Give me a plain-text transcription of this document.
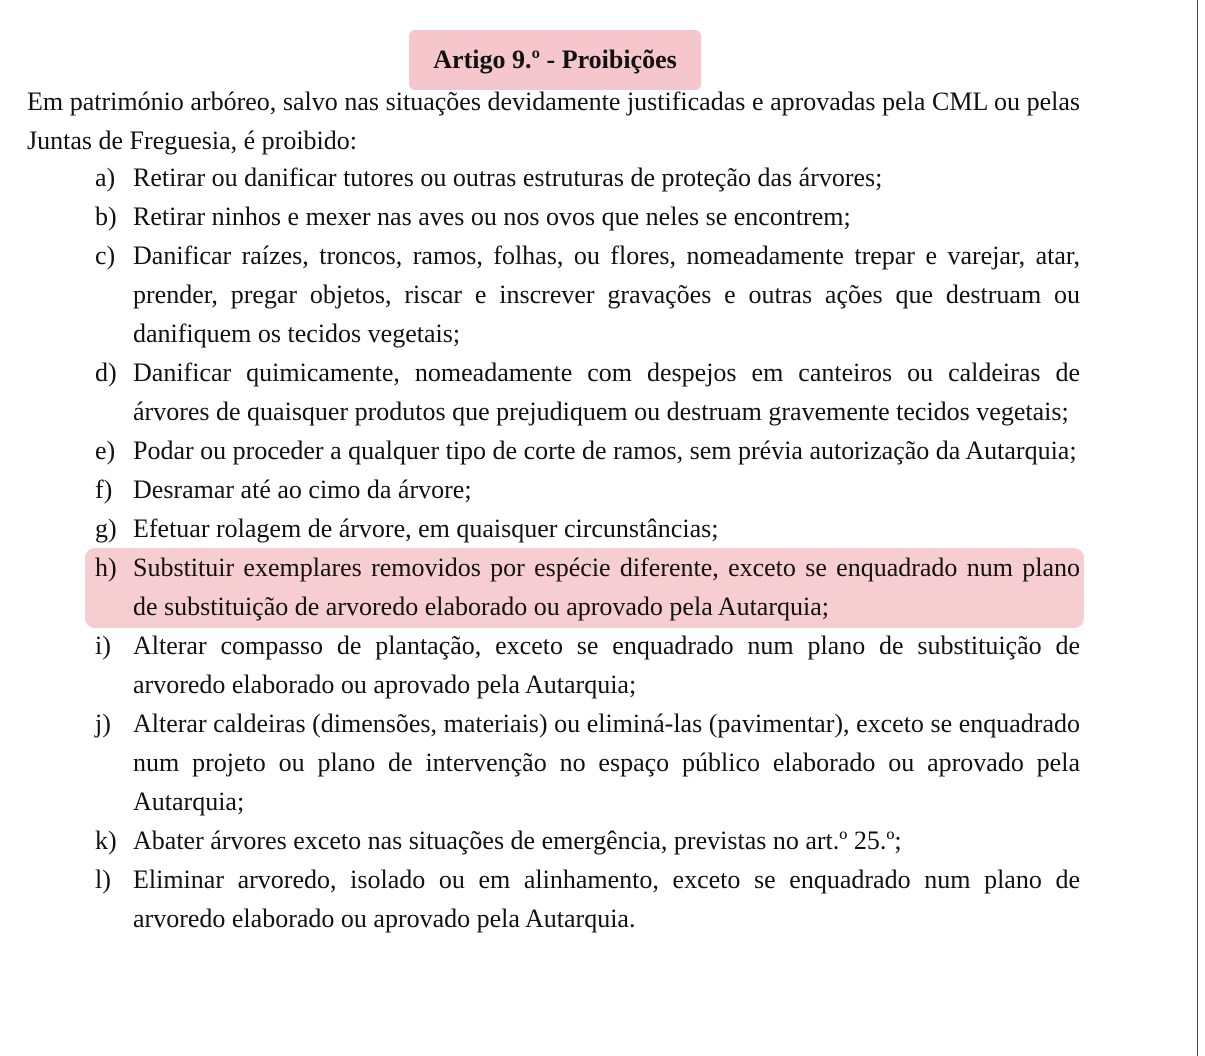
Artigo 9.º - Proibições
Em património arbóreo, salvo nas situações devidamente justificadas e aprovadas pela CML ou pelas Juntas de Freguesia, é proibido:
a) Retirar ou danificar tutores ou outras estruturas de proteção das árvores;
b) Retirar ninhos e mexer nas aves ou nos ovos que neles se encontrem;
c) Danificar raízes, troncos, ramos, folhas, ou flores, nomeadamente trepar e varejar, atar, prender, pregar objetos, riscar e inscrever gravações e outras ações que destruam ou danifiquem os tecidos vegetais;
d) Danificar quimicamente, nomeadamente com despejos em canteiros ou caldeiras de árvores de quaisquer produtos que prejudiquem ou destruam gravemente tecidos vegetais;
e) Podar ou proceder a qualquer tipo de corte de ramos, sem prévia autorização da Autarquia;
f) Desramar até ao cimo da árvore;
g) Efetuar rolagem de árvore, em quaisquer circunstâncias;
h) Substituir exemplares removidos por espécie diferente, exceto se enquadrado num plano de substituição de arvoredo elaborado ou aprovado pela Autarquia;
i) Alterar compasso de plantação, exceto se enquadrado num plano de substituição de arvoredo elaborado ou aprovado pela Autarquia;
j) Alterar caldeiras (dimensões, materiais) ou eliminá-las (pavimentar), exceto se enquadrado num projeto ou plano de intervenção no espaço público elaborado ou aprovado pela Autarquia;
k) Abater árvores exceto nas situações de emergência, previstas no art.º 25.º;
l) Eliminar arvoredo, isolado ou em alinhamento, exceto se enquadrado num plano de arvoredo elaborado ou aprovado pela Autarquia.
